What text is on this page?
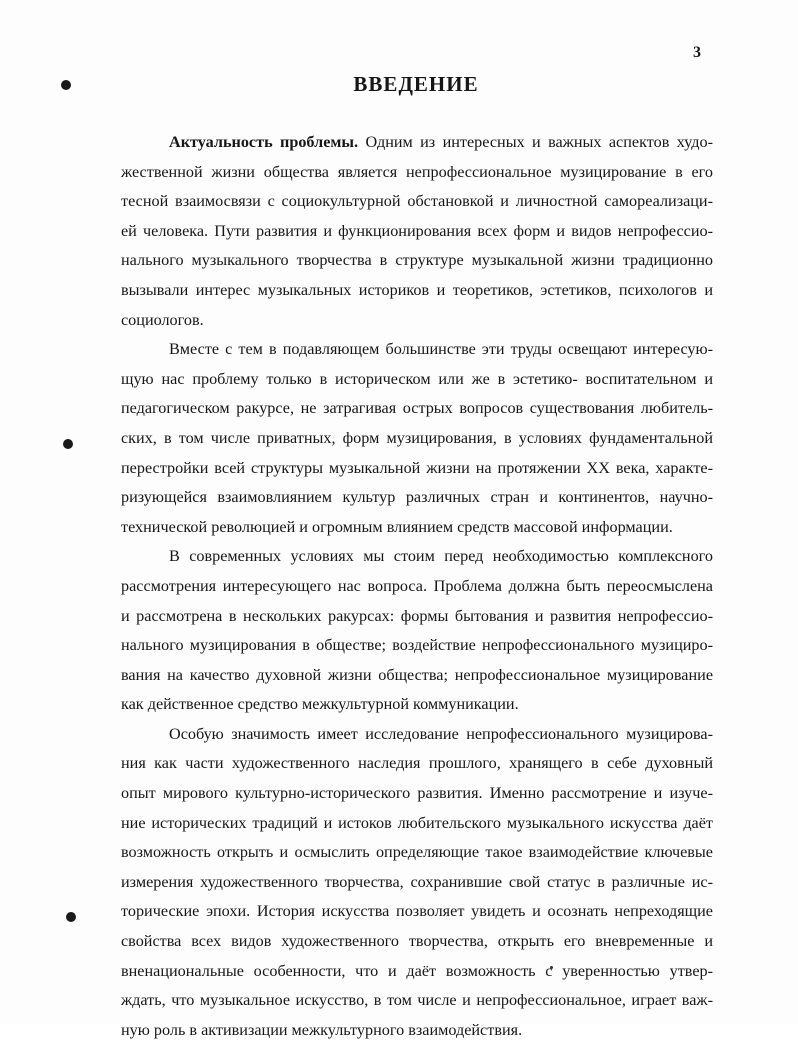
3
ВВЕДЕНИЕ
Актуальность проблемы. Одним из интересных и важных аспектов худо-
жественной жизни общества является непрофессиональное музицирование в его
тесной взаимосвязи с социокультурной обстановкой и личностной самореализаци-
ей человека. Пути развития и функционирования всех форм и видов непрофессио-
нального музыкального творчества в структуре музыкальной жизни традиционно
вызывали интерес музыкальных историков и теоретиков, эстетиков, психологов и
социологов.
Вместе с тем в подавляющем большинстве эти труды освещают интересую-
щую нас проблему только в историческом или же в эстетико- воспитательном и
педагогическом ракурсе, не затрагивая острых вопросов существования любитель-
ских, в том числе приватных, форм музицирования, в условиях фундаментальной
перестройки всей структуры музыкальной жизни на протяжении XX века, характе-
ризующейся взаимовлиянием культур различных стран и континентов, научно-
технической революцией и огромным влиянием средств массовой информации.
В современных условиях мы стоим перед необходимостью комплексного
рассмотрения интересующего нас вопроса. Проблема должна быть переосмыслена
и рассмотрена в нескольких ракурсах: формы бытования и развития непрофессио-
нального музицирования в обществе; воздействие непрофессионального музициро-
вания на качество духовной жизни общества; непрофессиональное музицирование
как действенное средство межкультурной коммуникации.
Особую значимость имеет исследование непрофессионального музицирова-
ния как части художественного наследия прошлого, хранящего в себе духовный
опыт мирового культурно-исторического развития. Именно рассмотрение и изуче-
ние исторических традиций и истоков любительского музыкального искусства даёт
возможность открыть и осмыслить определяющие такое взаимодействие ключевые
измерения художественного творчества, сохранившие свой статус в различные ис-
торические эпохи. История искусства позволяет увидеть и осознать непреходящие
свойства всех видов художественного творчества, открыть его вневременные и
вненациональные особенности, что и даёт возможность с уверенностью утвер-
ждать, что музыкальное искусство, в том числе и непрофессиональное, играет важ-
ную роль в активизации межкультурного взаимодействия.
